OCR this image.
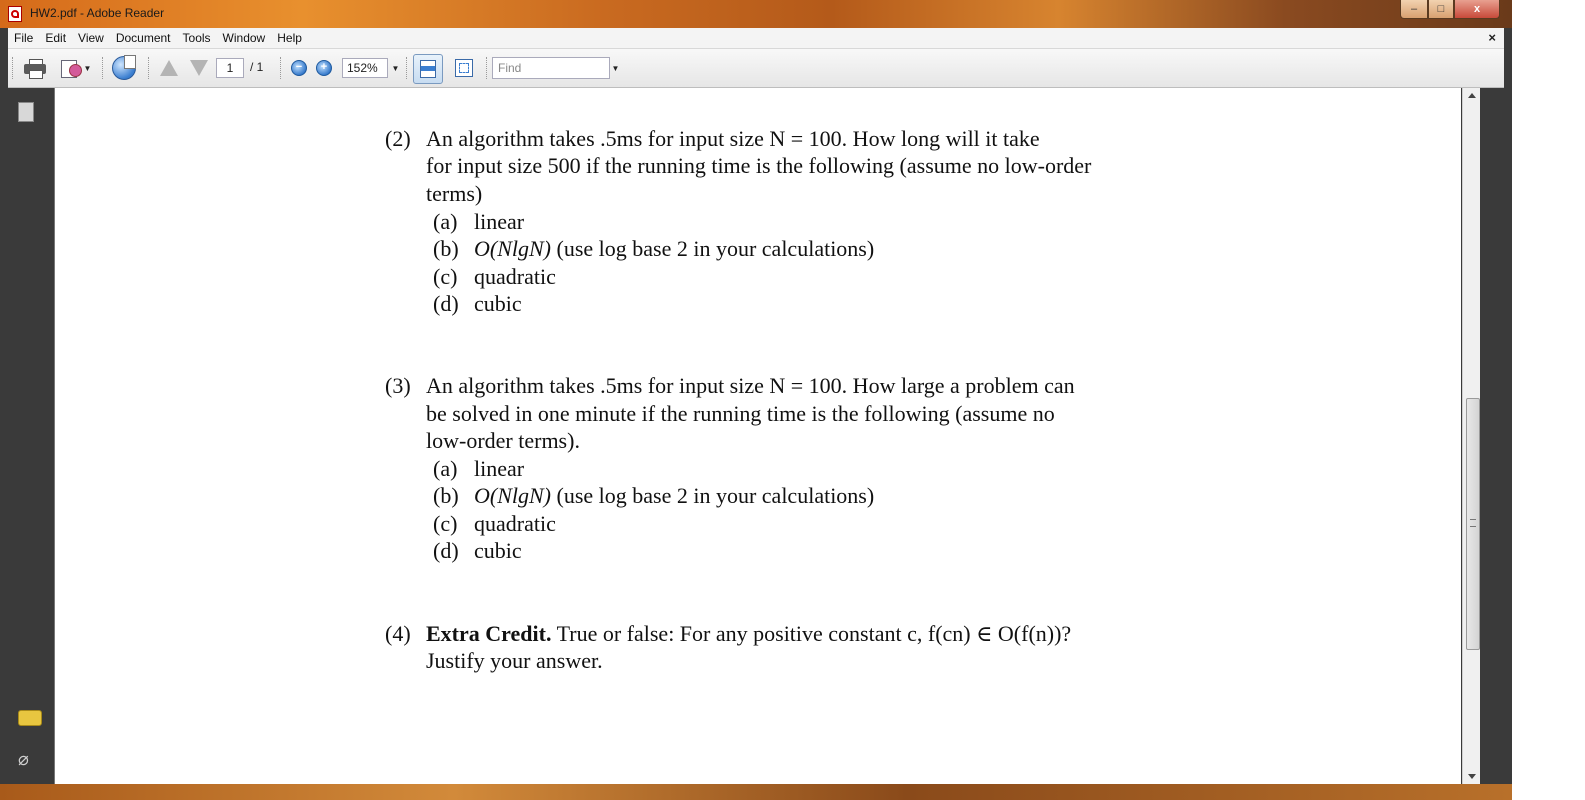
HW2.pdf - Adobe Reader	–	□	x
File	Edit	View	Document	Tools	Window	Help	×
▼	1	/ 1	−	+	152%	▼	Find	▼
⌀
(2) An algorithm takes .5ms for input size N = 100. How long will it take
for input size 500 if the running time is the following (assume no low-order
terms)
(a) linear
(b) O(NlgN) (use log base 2 in your calculations)
(c) quadratic
(d) cubic
(3) An algorithm takes .5ms for input size N = 100. How large a problem can
be solved in one minute if the running time is the following (assume no
low-order terms).
(a) linear
(b) O(NlgN) (use log base 2 in your calculations)
(c) quadratic
(d) cubic
(4) Extra Credit. True or false: For any positive constant c, f(cn) ∈ O(f(n))?
Justify your answer.
